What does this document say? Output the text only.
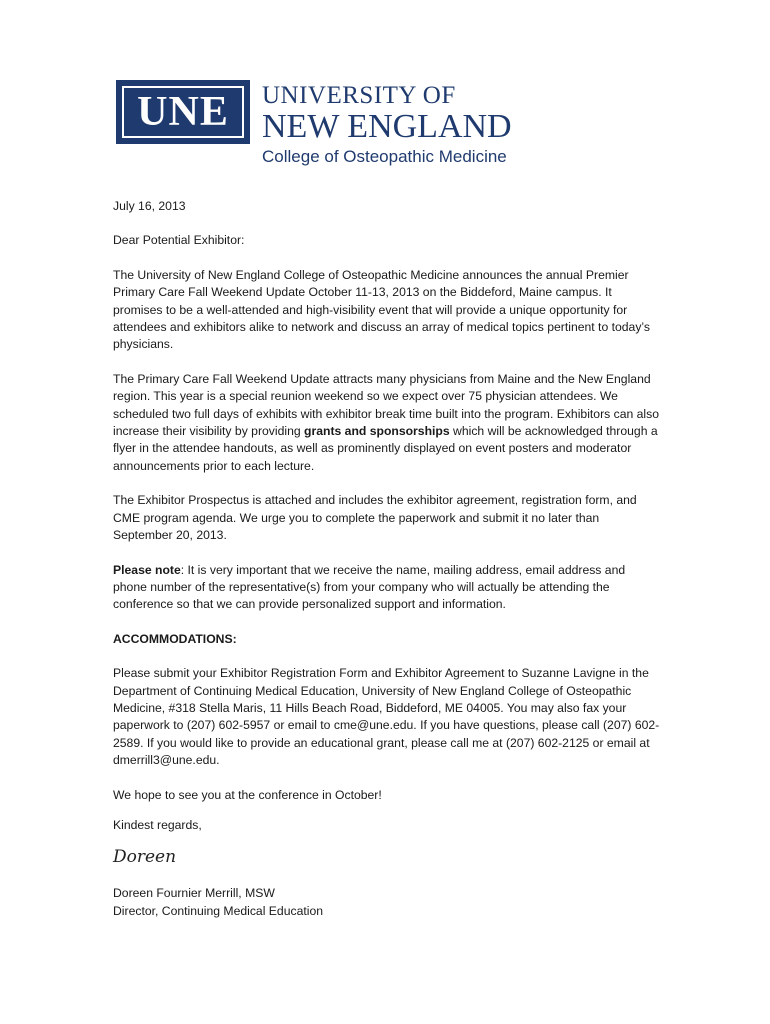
UNE UNIVERSITY OF
NEW ENGLAND
College of Osteopathic Medicine

July 16, 2013

Dear Potential Exhibitor:

The University of New England College of Osteopathic Medicine announces the annual Premier Primary Care Fall Weekend Update October 11-13, 2013 on the Biddeford, Maine campus. It promises to be a well-attended and high-visibility event that will provide a unique opportunity for attendees and exhibitors alike to network and discuss an array of medical topics pertinent to today’s physicians.

The Primary Care Fall Weekend Update attracts many physicians from Maine and the New England region. This year is a special reunion weekend so we expect over 75 physician attendees. We scheduled two full days of exhibits with exhibitor break time built into the program. Exhibitors can also increase their visibility by providing grants and sponsorships which will be acknowledged through a flyer in the attendee handouts, as well as prominently displayed on event posters and moderator announcements prior to each lecture.

The Exhibitor Prospectus is attached and includes the exhibitor agreement, registration form, and CME program agenda. We urge you to complete the paperwork and submit it no later than September 20, 2013.

Please note: It is very important that we receive the name, mailing address, email address and phone number of the representative(s) from your company who will actually be attending the conference so that we can provide personalized support and information.

ACCOMMODATIONS:

Please submit your Exhibitor Registration Form and Exhibitor Agreement to Suzanne Lavigne in the Department of Continuing Medical Education, University of New England College of Osteopathic Medicine, #318 Stella Maris, 11 Hills Beach Road, Biddeford, ME 04005. You may also fax your paperwork to (207) 602-5957 or email to cme@une.edu. If you have questions, please call (207) 602-2589. If you would like to provide an educational grant, please call me at (207) 602-2125 or email at dmerrill3@une.edu.

We hope to see you at the conference in October!

Kindest regards,

Doreen

Doreen Fournier Merrill, MSW

Director, Continuing Medical Education
